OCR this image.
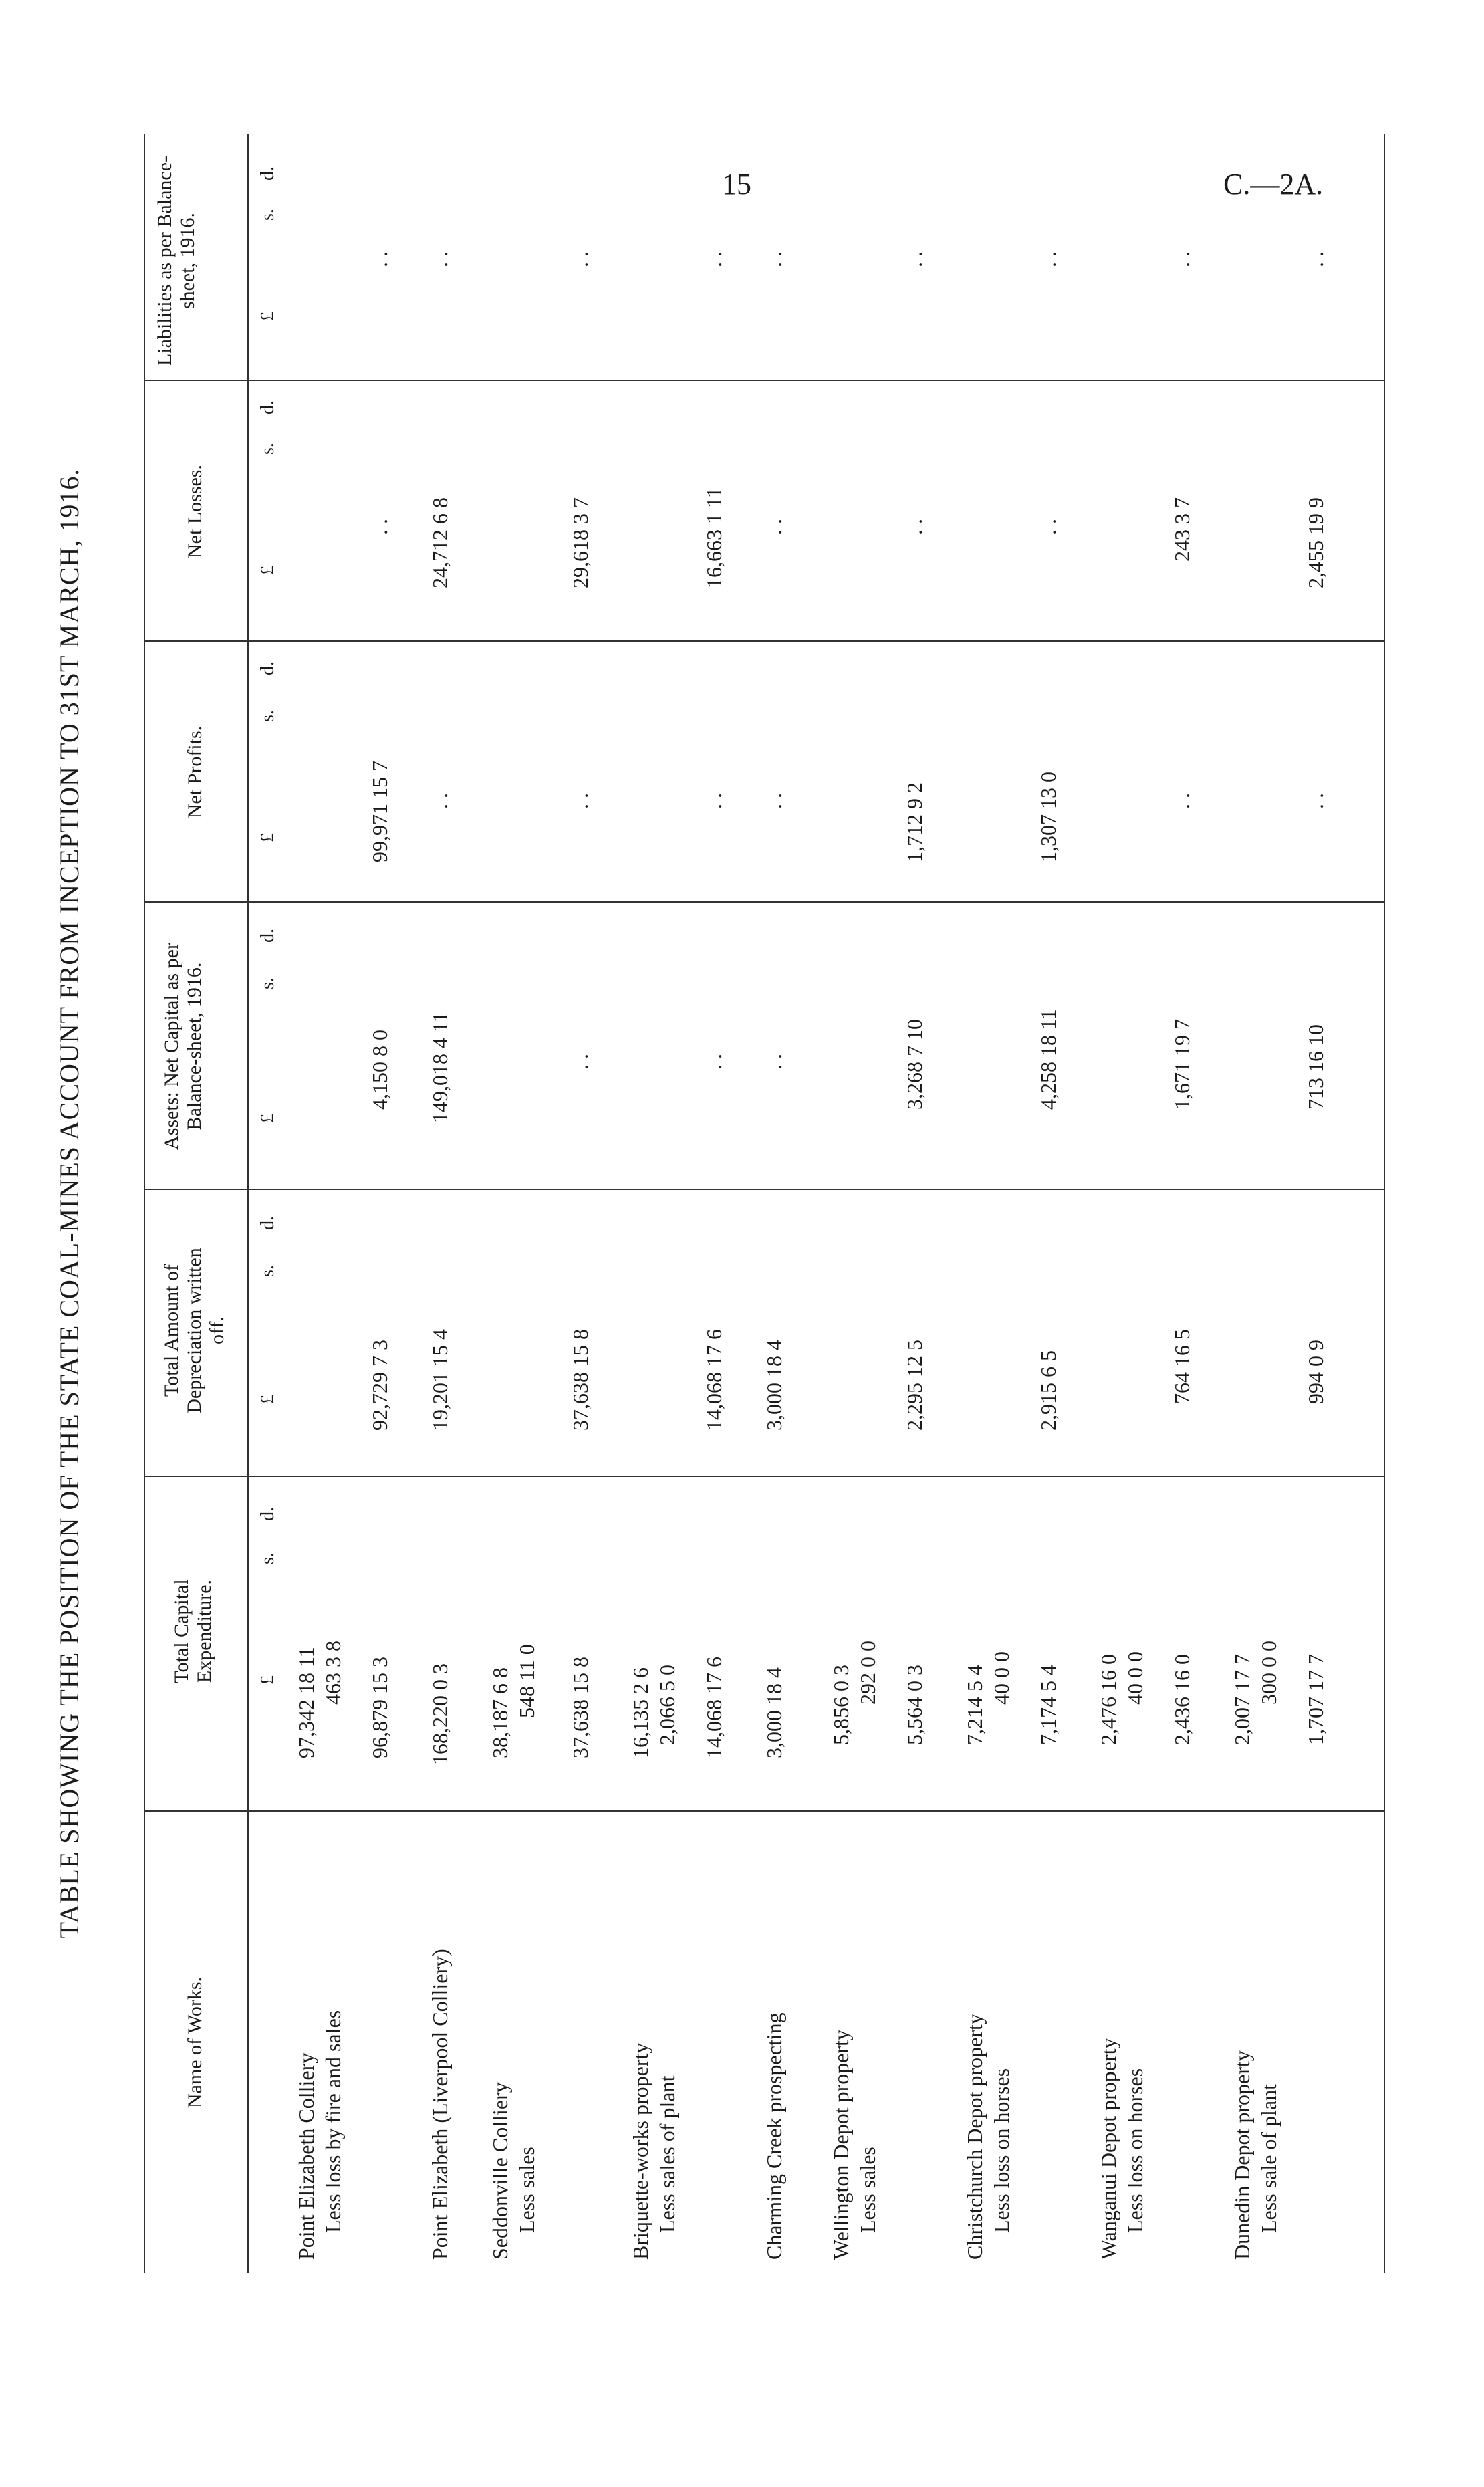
15	C.—2A.
TABLE SHOWING THE POSITION OF THE STATE COAL-MINES ACCOUNT FROM INCEPTION TO 31ST MARCH, 1916.
Name of Works.
Total Capital Expenditure.
Total Amount of Depreciation written off.
Assets: Net Capital as per Balance-sheet, 1916.
Net Profits.
Net Losses.
Liabilities as per Balance-sheet, 1916.
£
s.
d.
£
s.
d.
£
s.
d.
£
s.
d.
£
s.
d.
£
s.
d.
Point Elizabeth Colliery Less loss by fire and sales
97,342 18 11 463 3 8 96,879 15 3
92,729 7 3
4,150 8 0
99,971 15 7
. .
. .
Point Elizabeth (Liverpool Colliery)
168,220 0 3
19,201 15 4
149,018 4 11
. .
24,712 6 8
. .
Seddonville Colliery Less sales
38,187 6 8 548 11 0 37,638 15 8
37,638 15 8
. .
. .
29,618 3 7
. .
Briquette-works property Less sales of plant
16,135 2 6 2,066 5 0 14,068 17 6
14,068 17 6
. .
. .
16,663 1 11
. .
Charming Creek prospecting
3,000 18 4
3,000 18 4
. .
. .
. .
. .
Wellington Depot property Less sales
5,856 0 3 292 0 0 5,564 0 3
2,295 12 5
3,268 7 10
1,712 9 2
. .
. .
Christchurch Depot property Less loss on horses
7,214 5 4 40 0 0 7,174 5 4
2,915 6 5
4,258 18 11
1,307 13 0
. .
. .
Wanganui Depot property Less loss on horses
2,476 16 0 40 0 0 2,436 16 0
764 16 5
1,671 19 7
. .
243 3 7
. .
Dunedin Depot property Less sale of plant
2,007 17 7 300 0 0 1,707 17 7
994 0 9
713 16 10
. .
2,455 19 9
. .
